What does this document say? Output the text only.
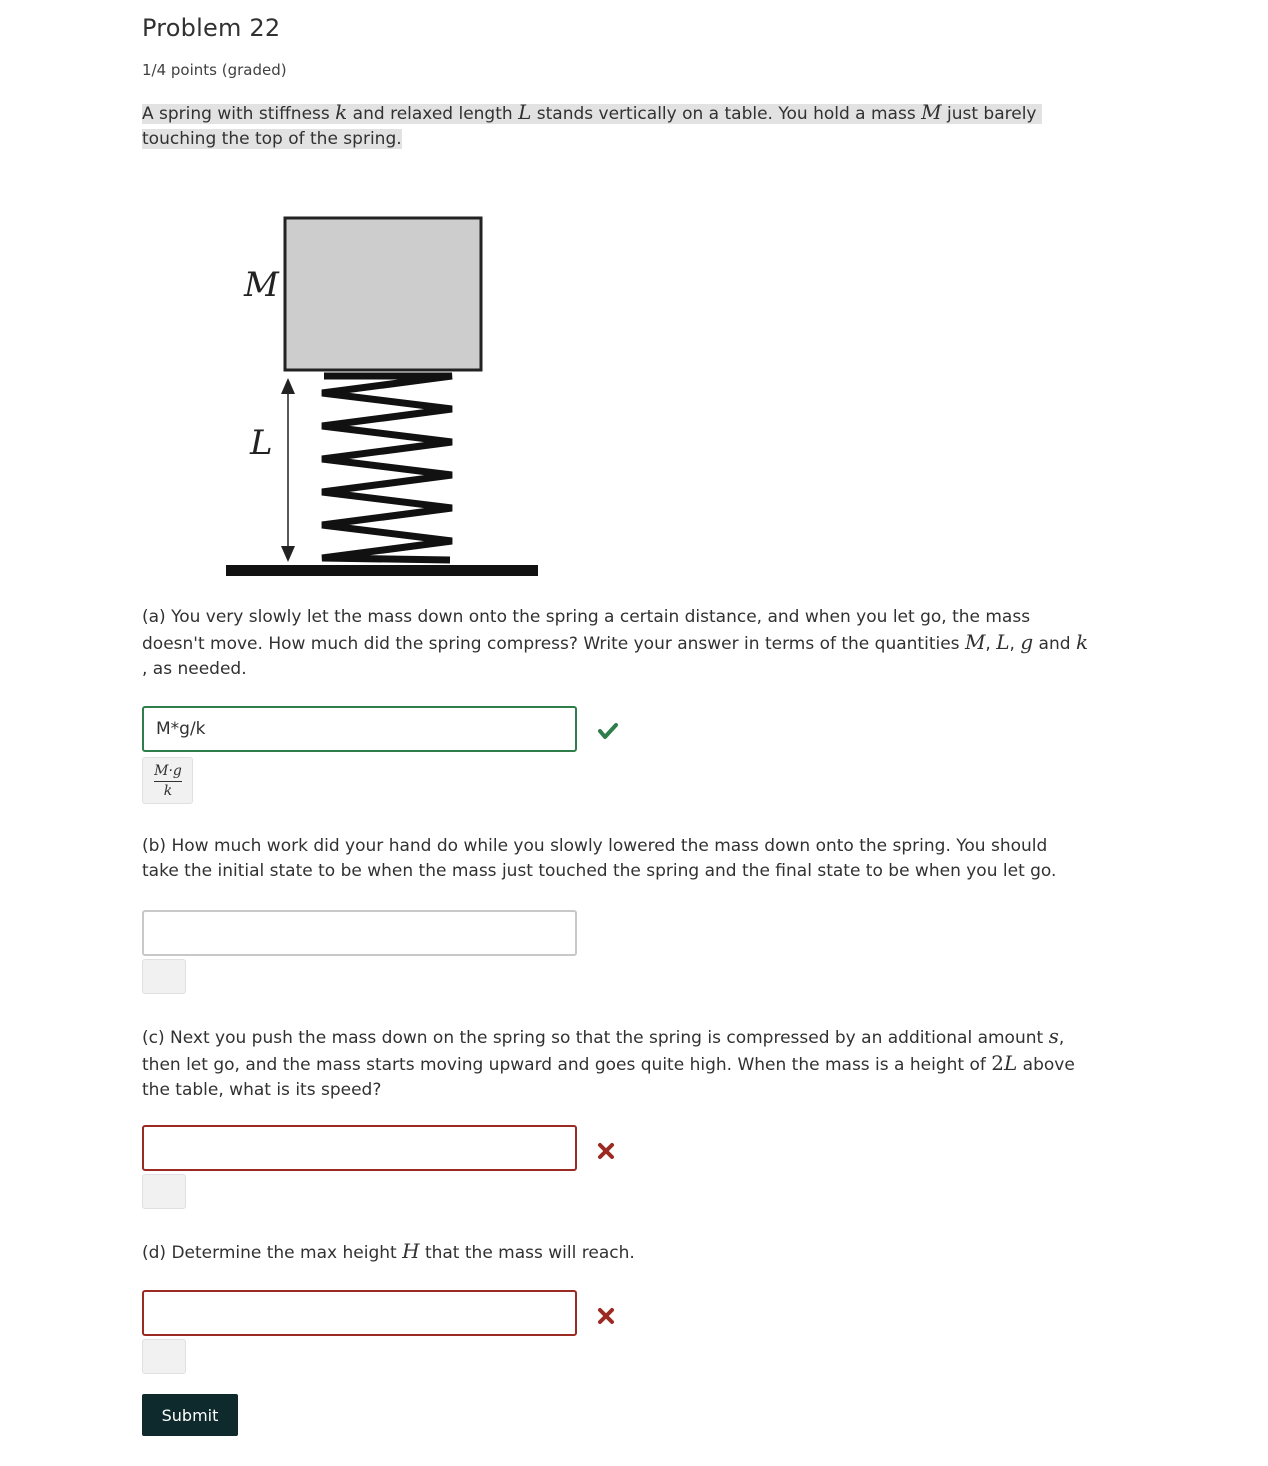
Problem 22
1/4 points (graded)
A spring with stiffness k and relaxed length L stands vertically on a table. You hold a mass M just barely
touching the top of the spring.
M
L
(a) You very slowly let the mass down onto the spring a certain distance, and when you let go, the mass
doesn't move. How much did the spring compress? Write your answer in terms of the quantities M, L, g and k
, as needed.
M*g/k
M·g
k
(b) How much work did your hand do while you slowly lowered the mass down onto the spring. You should
take the initial state to be when the mass just touched the spring and the final state to be when you let go.
(c) Next you push the mass down on the spring so that the spring is compressed by an additional amount s,
then let go, and the mass starts moving upward and goes quite high. When the mass is a height of 2L above
the table, what is its speed?
(d) Determine the max height H that the mass will reach.
Submit
